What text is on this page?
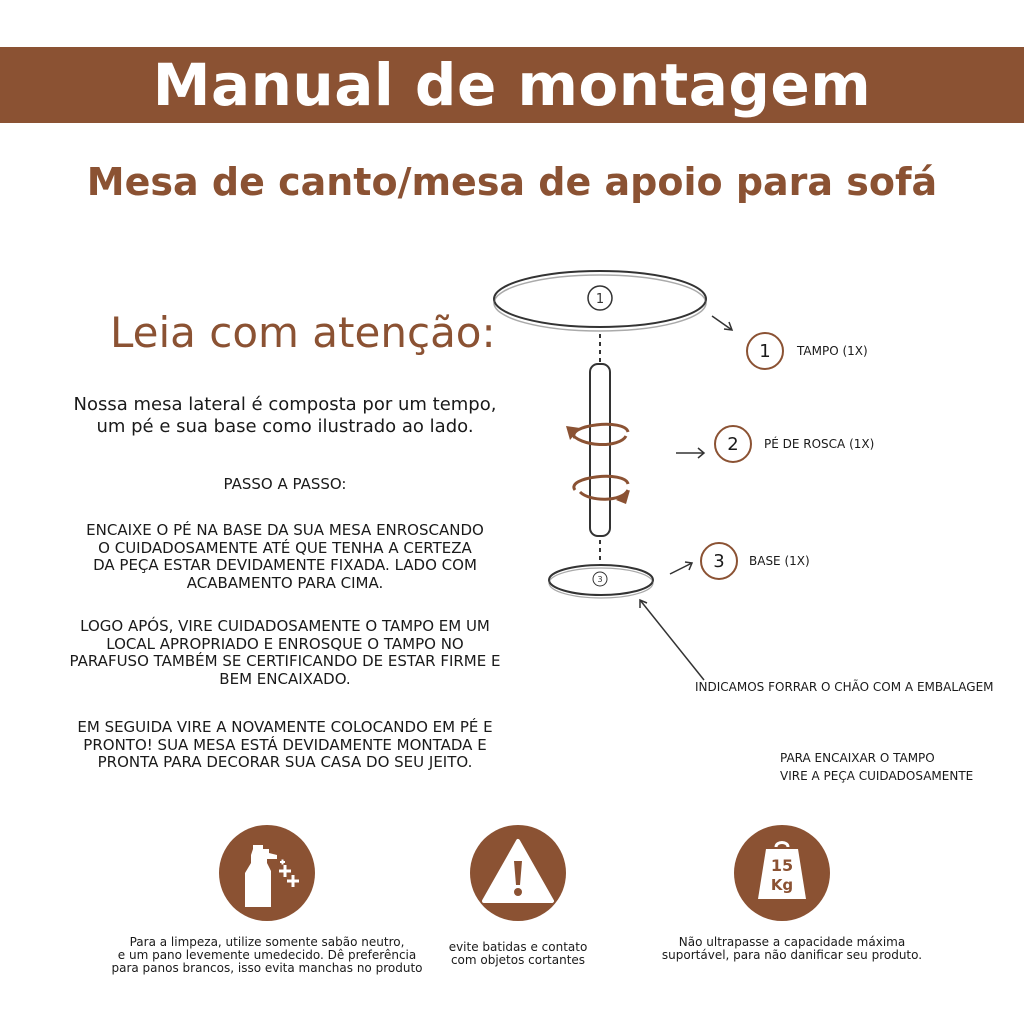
Manual de montagem
Mesa de canto/mesa de apoio para sofá
Leia com atenção:
Nossa mesa lateral é composta por um tempo,
um pé e sua base como ilustrado ao lado.
PASSO A PASSO:
ENCAIXE O PÉ NA BASE DA SUA MESA ENROSCANDO
O CUIDADOSAMENTE ATÉ QUE TENHA A CERTEZA
DA PEÇA ESTAR DEVIDAMENTE FIXADA. LADO COM
ACABAMENTO PARA CIMA.
LOGO APÓS, VIRE CUIDADOSAMENTE O TAMPO EM UM
LOCAL APROPRIADO E ENROSQUE O TAMPO NO
PARAFUSO TAMBÉM SE CERTIFICANDO DE ESTAR FIRME E
BEM ENCAIXADO.
EM SEGUIDA VIRE A NOVAMENTE COLOCANDO EM PÉ E
PRONTO! SUA MESA ESTÁ DEVIDAMENTE MONTADA E
PRONTA PARA DECORAR SUA CASA DO SEU JEITO.
1
3
1	TAMPO (1X)
2	PÉ DE ROSCA (1X)
3	BASE (1X)
INDICAMOS FORRAR O CHÃO COM A EMBALAGEM
PARA ENCAIXAR O TAMPO
VIRE A PEÇA CUIDADOSAMENTE
Para a limpeza, utilize somente sabão neutro,
e um pano levemente umedecido. Dê preferência
para panos brancos, isso evita manchas no produto
evite batidas e contato
com objetos cortantes
15
Kg
Não ultrapasse a capacidade máxima
suportável, para não danificar seu produto.
